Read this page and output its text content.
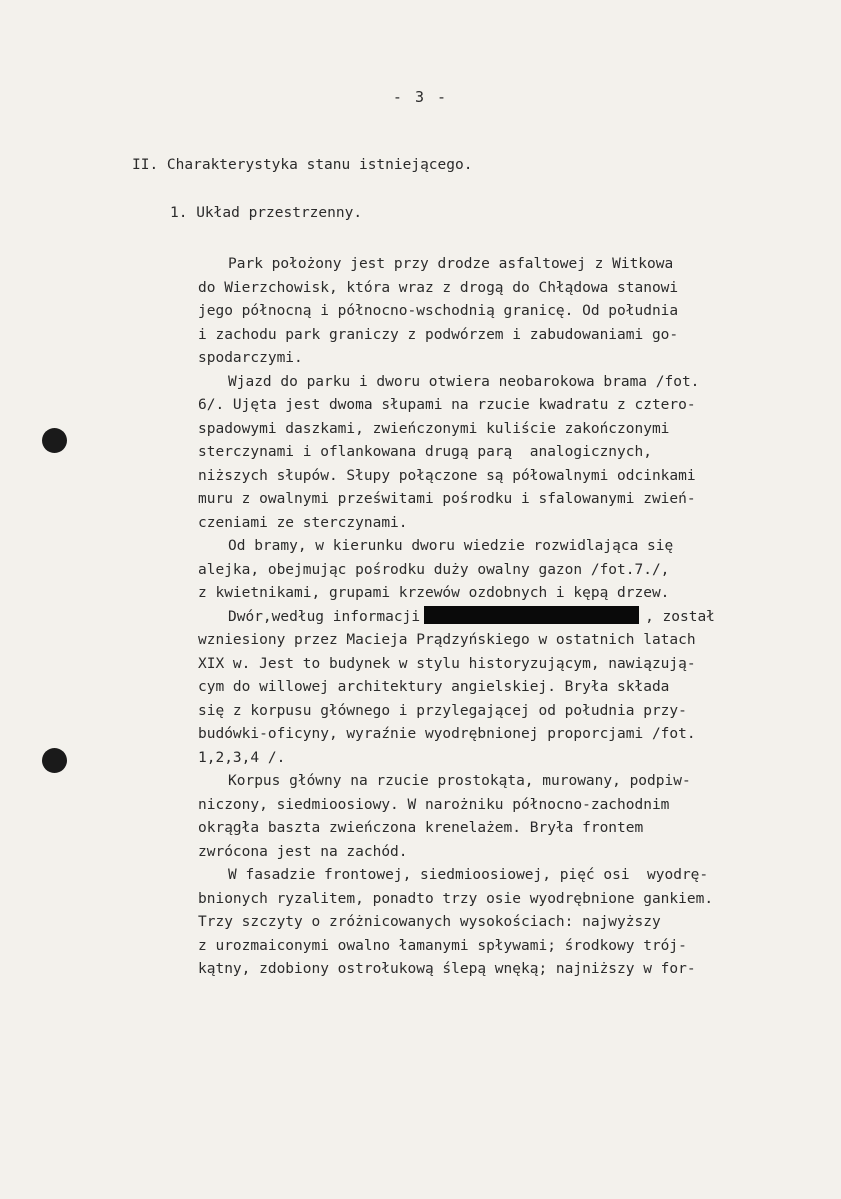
- 3 -
II. Charakterystyka stanu istniejącego.
1. Układ przestrzenny.
Park położony jest przy drodze asfaltowej z Witkowa
do Wierzchowisk, która wraz z drogą do Chłądowa stanowi
jego północną i północno-wschodnią granicę. Od południa
i zachodu park graniczy z podwórzem i zabudowaniami go-
spodarczymi.
Wjazd do parku i dworu otwiera neobarokowa brama /fot.
6/. Ujęta jest dwoma słupami na rzucie kwadratu z cztero-
spadowymi daszkami, zwieńczonymi kuliście zakończonymi
sterczynami i oflankowana drugą parą  analogicznych,
niższych słupów. Słupy połączone są półowalnymi odcinkami
muru z owalnymi prześwitami pośrodku i sfalowanymi zwień-
czeniami ze sterczynami.
Od bramy, w kierunku dworu wiedzie rozwidlająca się
alejka, obejmując pośrodku duży owalny gazon /fot.7./,
z kwietnikami, grupami krzewów ozdobnych i kępą drzew.
Dwór,według informacji	, został
wzniesiony przez Macieja Prądzyńskiego w ostatnich latach
XIX w. Jest to budynek w stylu historyzującym, nawiązują-
cym do willowej architektury angielskiej. Bryła składa
się z korpusu głównego i przylegającej od południa przy-
budówki-oficyny, wyraźnie wyodrębnionej proporcjami /fot.
1,2,3,4 /.
Korpus główny na rzucie prostokąta, murowany, podpiw-
niczony, siedmioosiowy. W narożniku północno-zachodnim
okrągła baszta zwieńczona krenelażem. Bryła frontem
zwrócona jest na zachód.
W fasadzie frontowej, siedmioosiowej, pięć osi  wyodrę-
bnionych ryzalitem, ponadto trzy osie wyodrębnione gankiem.
Trzy szczyty o zróżnicowanych wysokościach: najwyższy
z urozmaiconymi owalno łamanymi spływami; środkowy trój-
kątny, zdobiony ostrołukową ślepą wnęką; najniższy w for-
